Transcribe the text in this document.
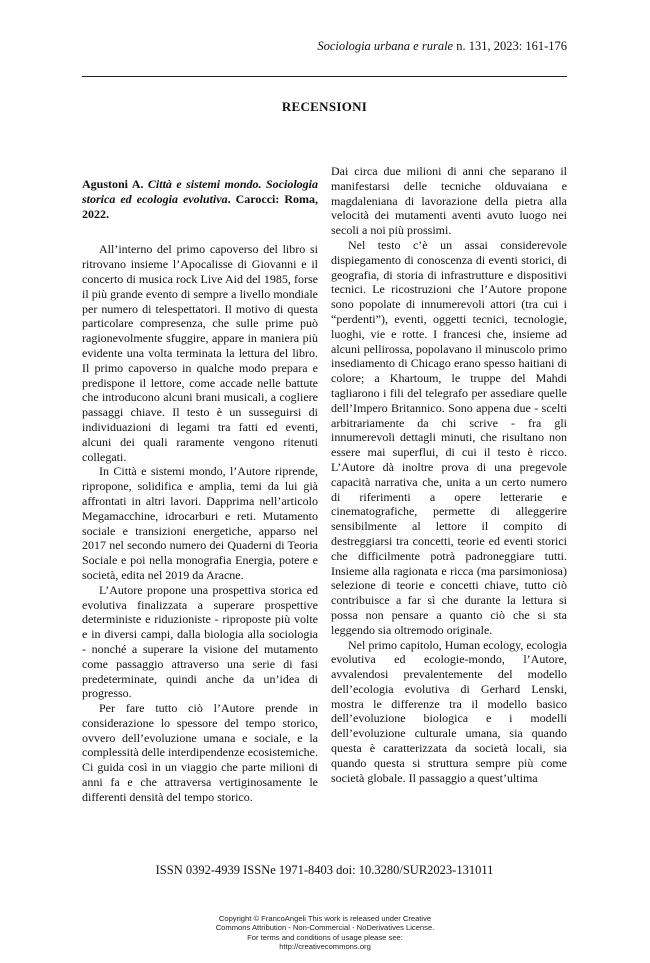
Sociologia urbana e rurale n. 131, 2023: 161-176
RECENSIONI
Agustoni A. Città e sistemi mondo. Sociologia storica ed ecologia evolutiva. Carocci: Roma, 2022.

All’interno del primo capoverso del libro si ritrovano insieme l’Apocalisse di Giovanni e il concerto di musica rock Live Aid del 1985, forse il più grande evento di sempre a livello mondiale per numero di telespettatori. Il motivo di questa particolare compresenza, che sulle prime può ragionevolmente sfuggire, appare in maniera più evidente una volta terminata la lettura del libro. Il primo capoverso in qualche modo prepara e predispone il lettore, come accade nelle battute che introducono alcuni brani musicali, a cogliere passaggi chiave. Il testo è un susseguirsi di individuazioni di legami tra fatti ed eventi, alcuni dei quali raramente vengono ritenuti collegati.

In Città e sistemi mondo, l’Autore riprende, ripropone, solidifica e amplia, temi da lui già affrontati in altri lavori. Dapprima nell’articolo Megamacchine, idrocarburi e reti. Mutamento sociale e transizioni energetiche, apparso nel 2017 nel secondo numero dei Quaderni di Teoria Sociale e poi nella monografia Energia, potere e società, edita nel 2019 da Aracne.

L’Autore propone una prospettiva storica ed evolutiva finalizzata a superare prospettive deterministe e riduzioniste - riproposte più volte e in diversi campi, dalla biologia alla sociologia - nonché a superare la visione del mutamento come passaggio attraverso una serie di fasi predeterminate, quindi anche da un’idea di progresso.

Per fare tutto ciò l’Autore prende in considerazione lo spessore del tempo storico, ovvero dell’evoluzione umana e sociale, e la complessità delle interdipendenze ecosistemiche. Ci guida così in un viaggio che parte milioni di anni fa e che attraversa vertiginosamente le differenti densità del tempo storico.

Dai circa due milioni di anni che separano il manifestarsi delle tecniche olduvaiana e magdaleniana di lavorazione della pietra alla velocità dei mutamenti aventi avuto luogo nei secoli a noi più prossimi.

Nel testo c’è un assai considerevole dispiegamento di conoscenza di eventi storici, di geografia, di storia di infrastrutture e dispositivi tecnici. Le ricostruzioni che l’Autore propone sono popolate di innumerevoli attori (tra cui i “perdenti”), eventi, oggetti tecnici, tecnologie, luoghi, vie e rotte. I francesi che, insieme ad alcuni pellirossa, popolavano il minuscolo primo insediamento di Chicago erano spesso haitiani di colore; a Khartoum, le truppe del Mahdi tagliarono i fili del telegrafo per assediare quelle dell’Impero Britannico. Sono appena due - scelti arbitrariamente da chi scrive - fra gli innumerevoli dettagli minuti, che risultano non essere mai superflui, di cui il testo è ricco. L’Autore dà inoltre prova di una pregevole capacità narrativa che, unita a un certo numero di riferimenti a opere letterarie e cinematografiche, permette di alleggerire sensibilmente al lettore il compito di destreggiarsi tra concetti, teorie ed eventi storici che difficilmente potrà padroneggiare tutti. Insieme alla ragionata e ricca (ma parsimoniosa) selezione di teorie e concetti chiave, tutto ciò contribuisce a far sì che durante la lettura si possa non pensare a quanto ciò che si sta leggendo sia oltremodo originale.

Nel primo capitolo, Human ecology, ecologia evolutiva ed ecologie-mondo, l’Autore, avvalendosi prevalentemente del modello dell’ecologia evolutiva di Gerhard Lenski, mostra le differenze tra il modello basico dell’evoluzione biologica e i modelli dell’evoluzione culturale umana, sia quando questa è caratterizzata da società locali, sia quando questa si struttura sempre più come società globale. Il passaggio a quest’ultima

ISSN 0392-4939 ISSNe 1971-8403 doi: 10.3280/SUR2023-131011
Copyright © FrancoAngeli This work is released under Creative
Commons Attribution - Non-Commercial - NoDerivatives License.
For terms and conditions of usage please see:
http://creativecommons.org
